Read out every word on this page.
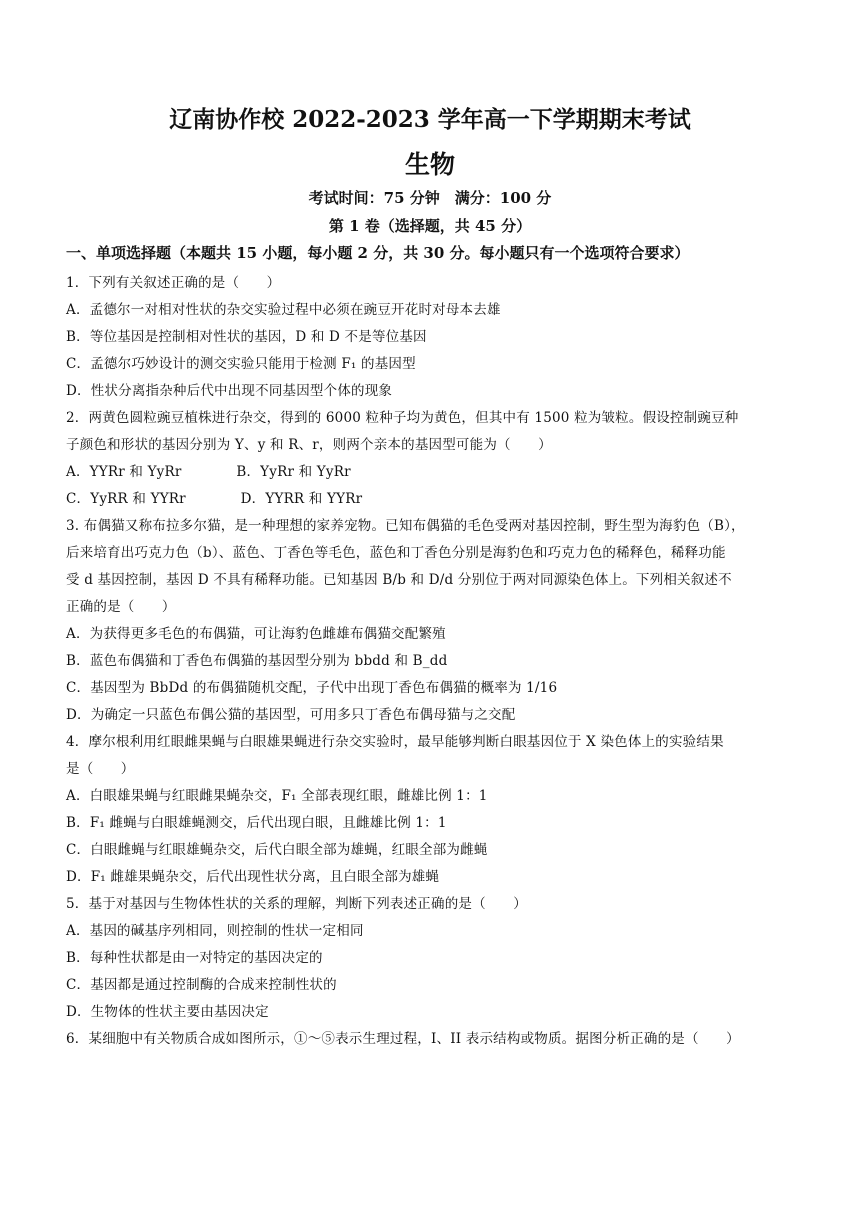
辽南协作校 2022-2023 学年高一下学期期末考试
生物
考试时间：75 分钟　满分：100 分
第 1 卷（选择题，共 45 分）
一、单项选择题（本题共 15 小题，每小题 2 分，共 30 分。每小题只有一个选项符合要求）
1．下列有关叙述正确的是（　　）
A．孟德尔一对相对性状的杂交实验过程中必须在豌豆开花时对母本去雄
B．等位基因是控制相对性状的基因，D 和 D 不是等位基因
C．孟德尔巧妙设计的测交实验只能用于检测 F₁ 的基因型
D．性状分离指杂种后代中出现不同基因型个体的现象
2．两黄色圆粒豌豆植株进行杂交，得到的 6000 粒种子均为黄色，但其中有 1500 粒为皱粒。假设控制豌豆种
子颜色和形状的基因分别为 Y、y 和 R、r，则两个亲本的基因型可能为（　　）
A．YYRr 和 YyRr　　　　B．YyRr 和 YyRr
C．YyRR 和 YYRr　　　　D．YYRR 和 YYRr
3. 布偶猫又称布拉多尔猫，是一种理想的家养宠物。已知布偶猫的毛色受两对基因控制，野生型为海豹色（B），
后来培育出巧克力色（b）、蓝色、丁香色等毛色，蓝色和丁香色分别是海豹色和巧克力色的稀释色，稀释功能
受 d 基因控制，基因 D 不具有稀释功能。已知基因 B/b 和 D/d 分别位于两对同源染色体上。下列相关叙述不
正确的是（　　）
A．为获得更多毛色的布偶猫，可让海豹色雌雄布偶猫交配繁殖
B．蓝色布偶猫和丁香色布偶猫的基因型分别为 bbdd 和 B_dd
C．基因型为 BbDd 的布偶猫随机交配，子代中出现丁香色布偶猫的概率为 1/16
D．为确定一只蓝色布偶公猫的基因型，可用多只丁香色布偶母猫与之交配
4．摩尔根利用红眼雌果蝇与白眼雄果蝇进行杂交实验时，最早能够判断白眼基因位于 X 染色体上的实验结果
是（　　）
A．白眼雄果蝇与红眼雌果蝇杂交，F₁ 全部表现红眼，雌雄比例 1：1
B．F₁ 雌蝇与白眼雄蝇测交，后代出现白眼，且雌雄比例 1：1
C．白眼雌蝇与红眼雄蝇杂交，后代白眼全部为雄蝇，红眼全部为雌蝇
D．F₁ 雌雄果蝇杂交，后代出现性状分离，且白眼全部为雄蝇
5．基于对基因与生物体性状的关系的理解，判断下列表述正确的是（　　）
A．基因的碱基序列相同，则控制的性状一定相同
B．每种性状都是由一对特定的基因决定的
C．基因都是通过控制酶的合成来控制性状的
D．生物体的性状主要由基因决定
6．某细胞中有关物质合成如图所示，①～⑤表示生理过程，I、II 表示结构或物质。据图分析正确的是（　　）
